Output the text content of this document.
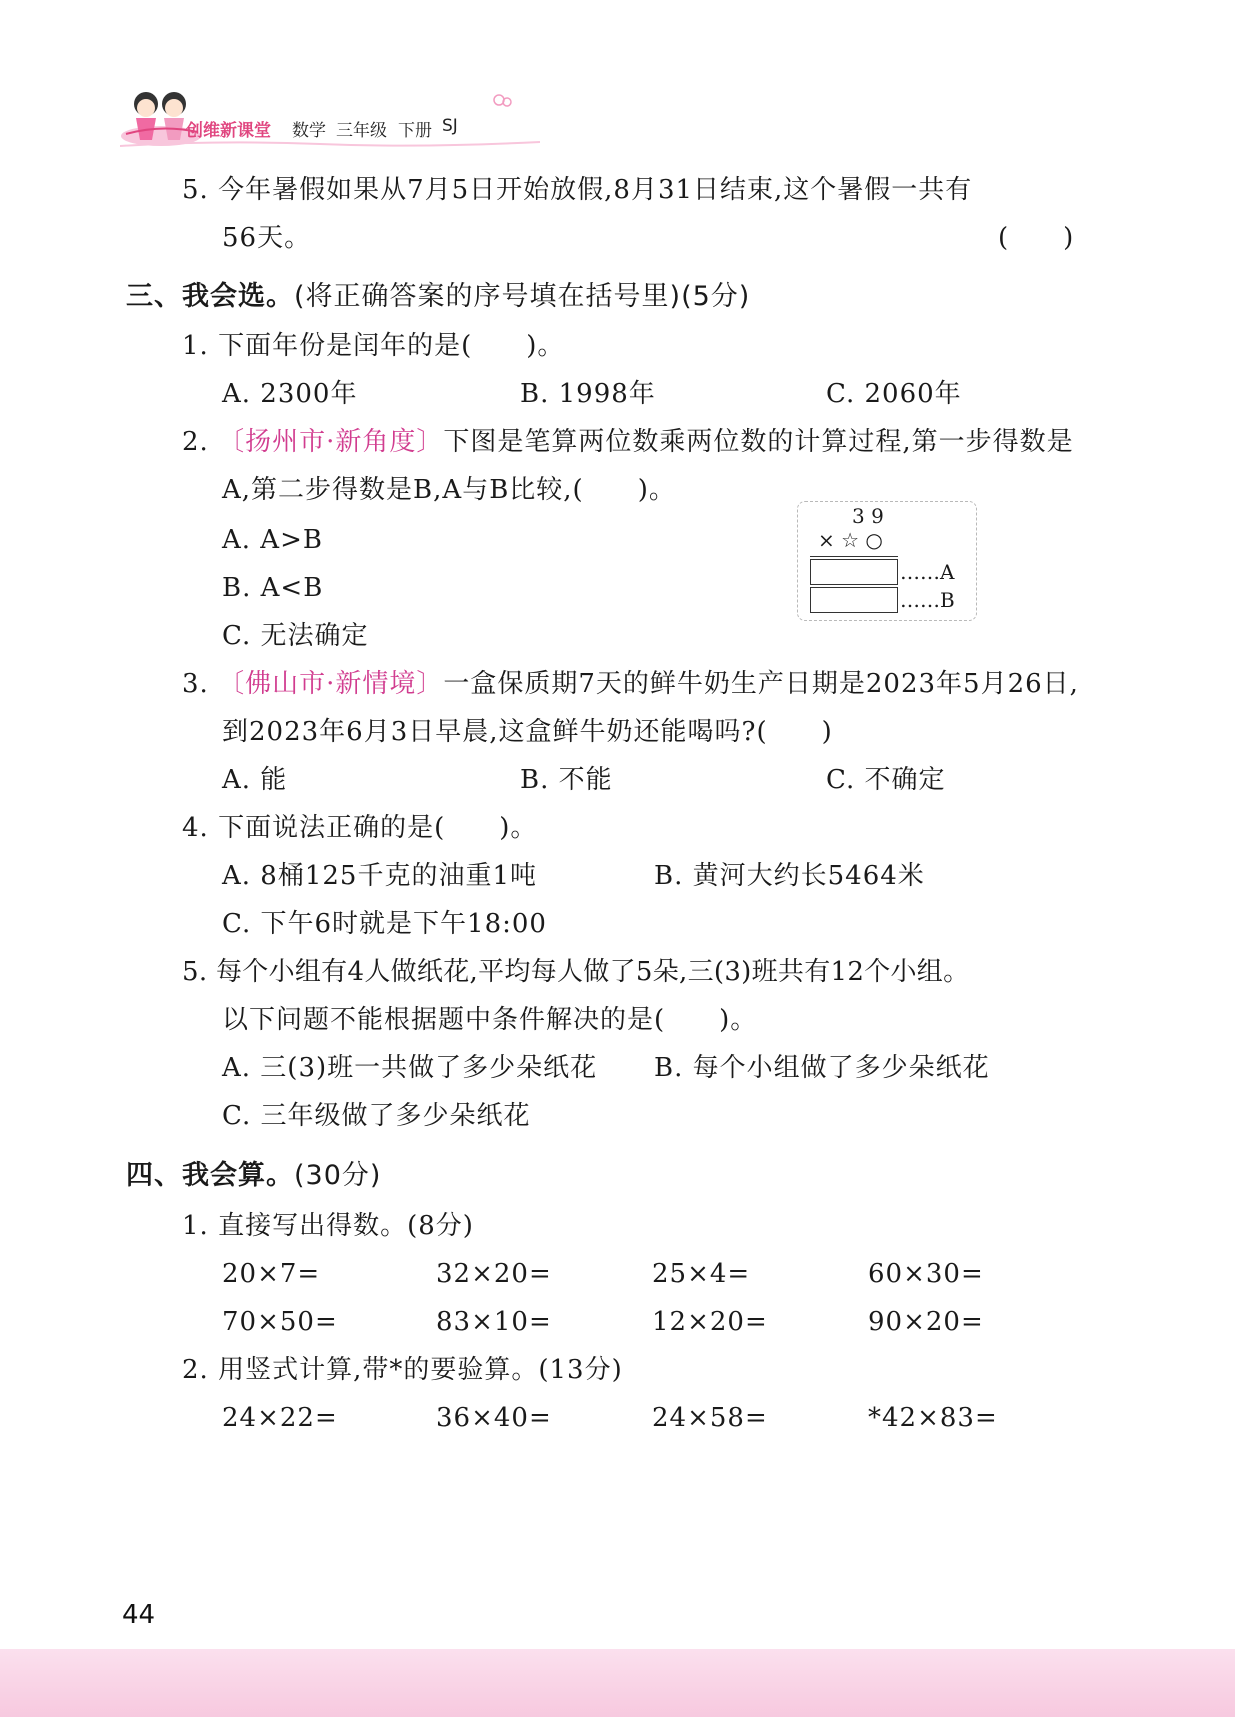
创维新课堂 数学 三年级 下册 SJ
5. 今年暑假如果从7月5日开始放假,8月31日结束,这个暑假一共有
56天。	(　　)
三、我会选。(将正确答案的序号填在括号里)(5分)
1. 下面年份是闰年的是(　　)。
A. 2300年	B. 1998年	C. 2060年
2. 〔扬州市·新角度〕下图是笔算两位数乘两位数的计算过程,第一步得数是
A,第二步得数是B,A与B比较,(　　)。
A. A>B
B. A<B
C. 无法确定
3 9
× ☆ ○
……A
……B
3. 〔佛山市·新情境〕一盒保质期7天的鲜牛奶生产日期是2023年5月26日,
到2023年6月3日早晨,这盒鲜牛奶还能喝吗?(　　)
A. 能	B. 不能	C. 不确定
4. 下面说法正确的是(　　)。
A. 8桶125千克的油重1吨	B. 黄河大约长5464米
C. 下午6时就是下午18:00
5. 每个小组有4人做纸花,平均每人做了5朵,三(3)班共有12个小组。
以下问题不能根据题中条件解决的是(　　)。
A. 三(3)班一共做了多少朵纸花 B. 每个小组做了多少朵纸花
C. 三年级做了多少朵纸花
四、我会算。(30分)
1. 直接写出得数。(8分)
20×7=	32×20=	25×4=	60×30=
70×50=	83×10=	12×20=	90×20=
2. 用竖式计算,带*的要验算。(13分)
24×22=	36×40=	24×58=	*42×83=
44
